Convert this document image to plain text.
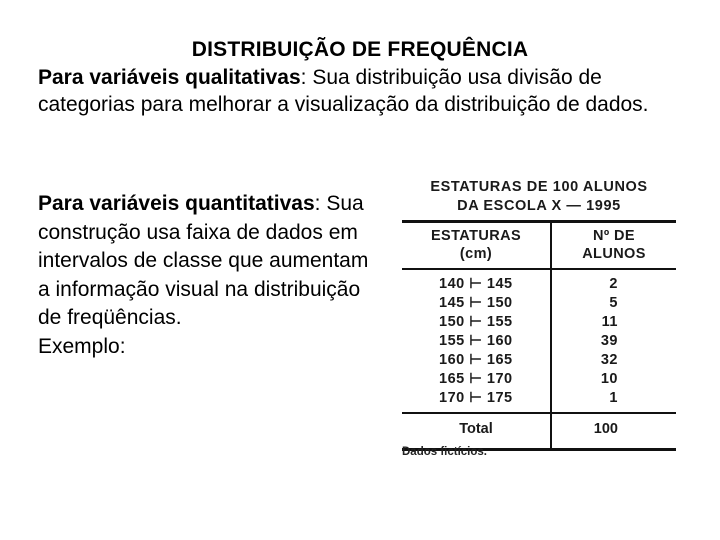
DISTRIBUIÇÃO DE FREQUÊNCIA
Para variáveis qualitativas: Sua distribuição usa divisão de categorias para melhorar a visualização da distribuição de dados.
Para variáveis quantitativas: Sua construção usa faixa de dados em intervalos de classe que aumentam a informação visual na distribuição de freqüências.
Exemplo:
ESTATURAS DE 100 ALUNOS
DA ESCOLA X — 1995
ESTATURAS
(cm)
Nº DE
ALUNOS
140 ⊢ 145
145 ⊢ 150
150 ⊢ 155
155 ⊢ 160
160 ⊢ 165
165 ⊢ 170
170 ⊢ 175
2
5
11
39
32
10
1
Total	100
Dados fictícios.
